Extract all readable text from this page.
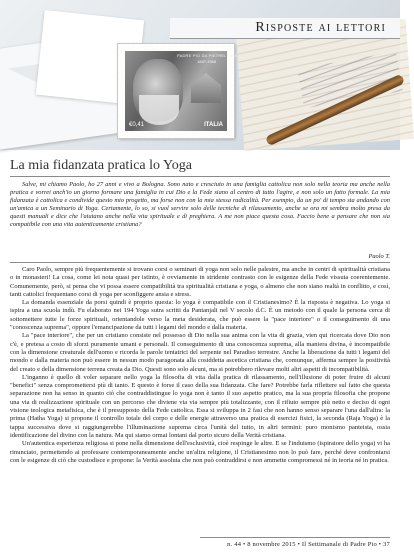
Risposte ai lettori
PADRE PIO DA PIETRELCINA
1887-1968
€0,41	ITALIA
La mia fidanzata pratica lo Yoga

Salve, mi chiamo Paolo, ho 27 anni e vivo a Bologna. Sono nato e cresciuto in una famiglia cattolica non solo nella teoria ma anche nella pratica e vorrei anch'io un giorno formare una famiglia in cui Dio e la Fede siano al centro di tutto l'agire, e non solo un fatto formale. La mia fidanzata è cattolica e condivide questo mio progetto, ma forse non con la mia stessa radicalità. Per esempio, da un po' di tempo sta andando con un'amica a un Seminario di Yoga. Certamente, lo so, si vuol servire solo delle tecniche di rilassamento, anche se ora mi sembra molto presa da questi manuali e dice che l'aiutano anche nella vita spirituale e di preghiera. A me non piace questa cosa. Faccio bene a pensare che non sia compatibile con una vita autenticamente cristiana?

Paolo T.

Caro Paolo, sempre più frequentemente si trovano corsi o seminari di yoga non solo nelle palestre, ma anche in centri di spiritualità cristiana o in monasteri! La cosa, come lei nota quasi per istinto, è ovviamente in stridente contrasto con le esigenze della Fede vissuta coerentemente. Comunemente, però, si pensa che vi possa essere compatibilità tra spiritualità cristiana e yoga, o almeno che non siano realtà in conflitto, e così, tanti cattolici frequentano corsi di yoga per sconfiggere ansia e stress.

La domanda essenziale da porsi quindi è proprio questa: lo yoga è compatibile con il Cristianesimo? È la risposta è negativa. Lo yoga si ispira a una scuola indù. Fu elaborato nei 194 Yoga sutra scritti da Pantanjali nel V secolo d.C. È un metodo con il quale la persona cerca di sottomettere tutte le forze spirituali, orientandole verso la meta desiderata, che può essere la "pace interiore" o il conseguimento di una "conoscenza suprema", oppure l'emancipazione da tutti i legami del mondo e dalla materia.

La "pace interiore", che per un cristiano consiste nel possesso di Dio nella sua anima con la vita di grazia, vien qui ricercata dove Dio non c'è, e pretesa a costo di sforzi puramente umani e personali. Il conseguimento di una conoscenza suprema, alla maniera divina, è incompatibile con la dimensione creaturale dell'uomo e ricorda le parole tentatrici del serpente nel Paradiso terrestre. Anche la liberazione da tutti i legami del mondo e dalla materia non può essere in nessun modo paragonata alla cosiddetta ascetica cristiana che, comunque, afferma sempre la positività del creato e della dimensione terrena creata da Dio. Questi sono solo alcuni, ma si potrebbero rilevare molti altri aspetti di incompatibilità.

L'inganno è quello di voler separare nello yoga la filosofia di vita dalla pratica di rilassamento, nell'illusione di poter fruire di alcuni "benefici" senza compromettersi più di tanto. E questo è forse il caso della sua fidanzata. Che fare? Potrebbe farla riflettere sul fatto che questa separazione non ha senso in quanto ciò che contraddistingue lo yoga non è tanto il suo aspetto pratico, ma la sua propria filosofia che propone una via di realizzazione spirituale con un percorso che diviene via via sempre più totalizzante, con il rifiuto sempre più netto e deciso di ogni visione teologica metafisica, che è il presupposto della Fede cattolica. Essa si sviluppa in 2 fasi che non hanno senso separare l'una dall'altra: la prima (Hatha Yoga) si propone il controllo totale del corpo e delle energie attraverso una pratica di esercizi fisici, la seconda (Raja Yoga) è la tappa successiva dove si raggiungerebbe l'illuminazione suprema circa l'unità del tutto, in altri termini: puro monismo panteista, ossia identificazione del divino con la natura. Ma qui siamo ormai lontani dal porto sicuro della Verità cristiana.

Un'autentica esperienza religiosa si pone nella dimensione dell'esclusività, cioè respinge le altre. E se l'induismo (ispiratore dello yoga) vi ha rinunciato, permettendo ai professare contemporaneamente anche un'altra religione, il Cristianesimo non lo può fare, perché deve confrontarsi con le esigenze di ciò che custodisce e propone: la Verità assoluta che non può contraddirsi e non ammette compromessi né in teoria né in pratica.

n. 44 • 8 novembre 2015 • Il Settimanale di Padre Pio • 37
